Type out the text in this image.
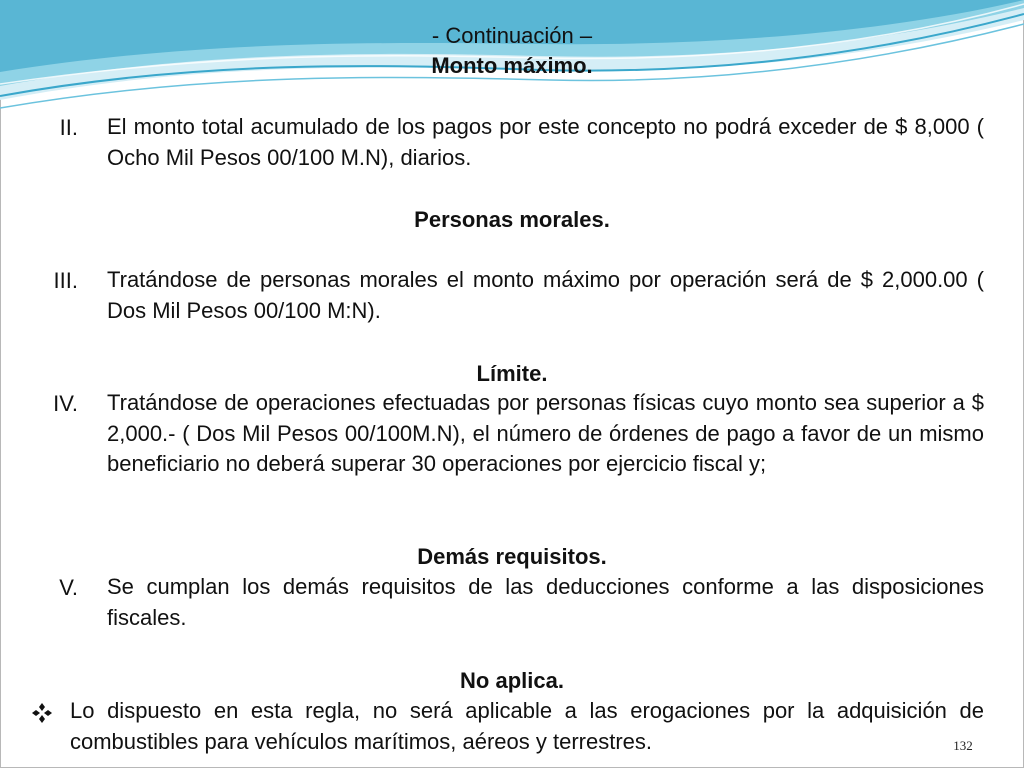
- Continuación –

Monto máximo.

II. El monto total acumulado de los pagos por este concepto no podrá exceder de $ 8,000 ( Ocho Mil Pesos 00/100 M.N), diarios.

Personas morales.

III. Tratándose de personas morales el monto máximo por operación será de $ 2,000.00 ( Dos Mil Pesos 00/100 M:N).

Límite.

IV. Tratándose de operaciones efectuadas por personas físicas cuyo monto sea superior a $ 2,000.- ( Dos Mil Pesos 00/100M.N), el número de órdenes de pago a favor de un mismo beneficiario no deberá superar 30 operaciones por ejercicio fiscal y;

Demás requisitos.

V. Se cumplan los demás requisitos de las deducciones conforme a las disposiciones fiscales.

No aplica.

Lo dispuesto en esta regla, no será aplicable a las erogaciones por la adquisición de combustibles para vehículos marítimos, aéreos y terrestres.	132
